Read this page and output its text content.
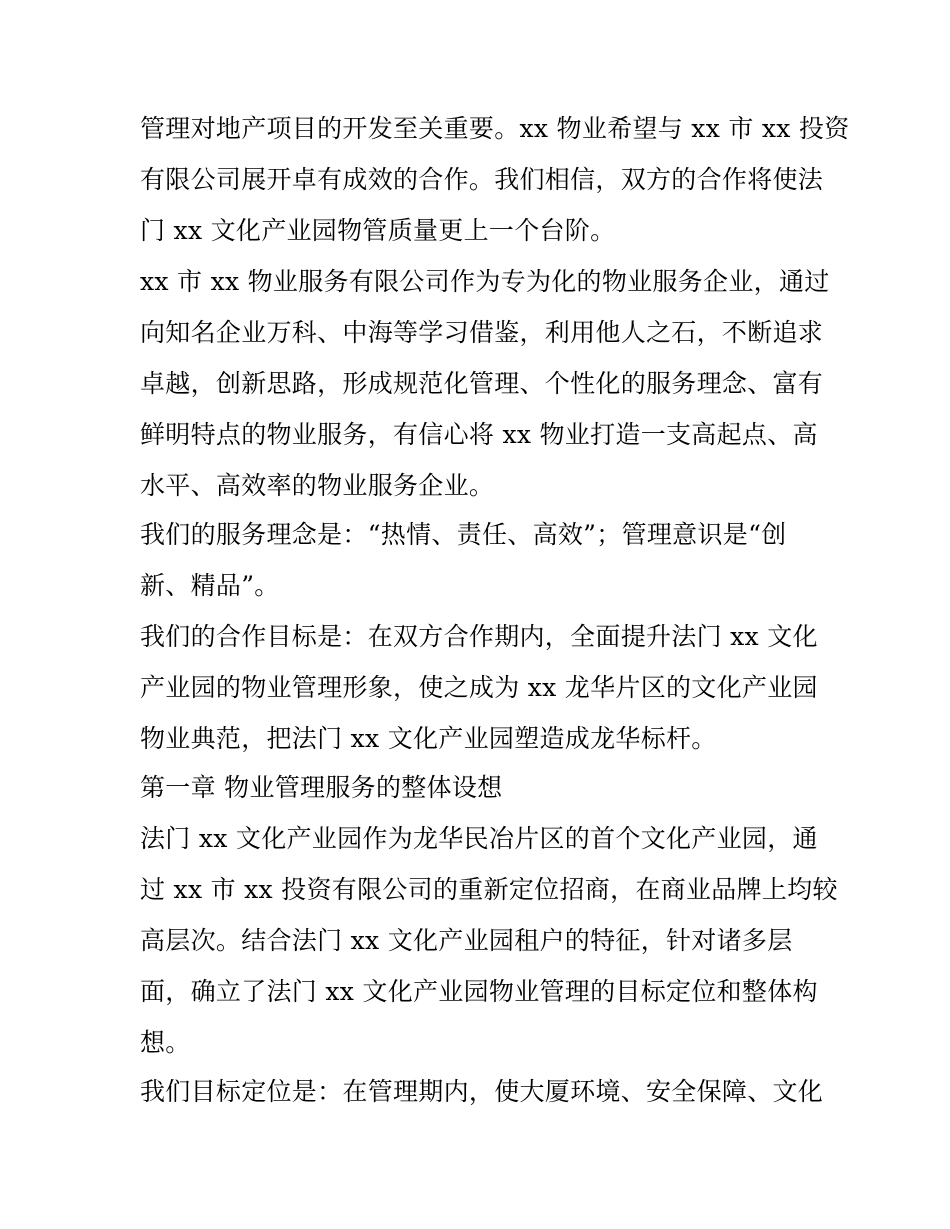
管理对地产项目的开发至关重要。xx 物业希望与 xx 市 xx 投资
有限公司展开卓有成效的合作。我们相信，双方的合作将使法
门 xx 文化产业园物管质量更上一个台阶。
xx 市 xx 物业服务有限公司作为专为化的物业服务企业，通过
向知名企业万科、中海等学习借鉴，利用他人之石，不断追求
卓越，创新思路，形成规范化管理、个性化的服务理念、富有
鲜明特点的物业服务，有信心将 xx 物业打造一支高起点、高
水平、高效率的物业服务企业。
我们的服务理念是：“热情、责任、高效”；管理意识是“创
新、精品”。
我们的合作目标是：在双方合作期内，全面提升法门 xx 文化
产业园的物业管理形象，使之成为 xx 龙华片区的文化产业园
物业典范，把法门 xx 文化产业园塑造成龙华标杆。
第一章 物业管理服务的整体设想
法门 xx 文化产业园作为龙华民冶片区的首个文化产业园，通
过 xx 市 xx 投资有限公司的重新定位招商，在商业品牌上均较
高层次。结合法门 xx 文化产业园租户的特征，针对诸多层
面，确立了法门 xx 文化产业园物业管理的目标定位和整体构
想。
我们目标定位是：在管理期内，使大厦环境、安全保障、文化
